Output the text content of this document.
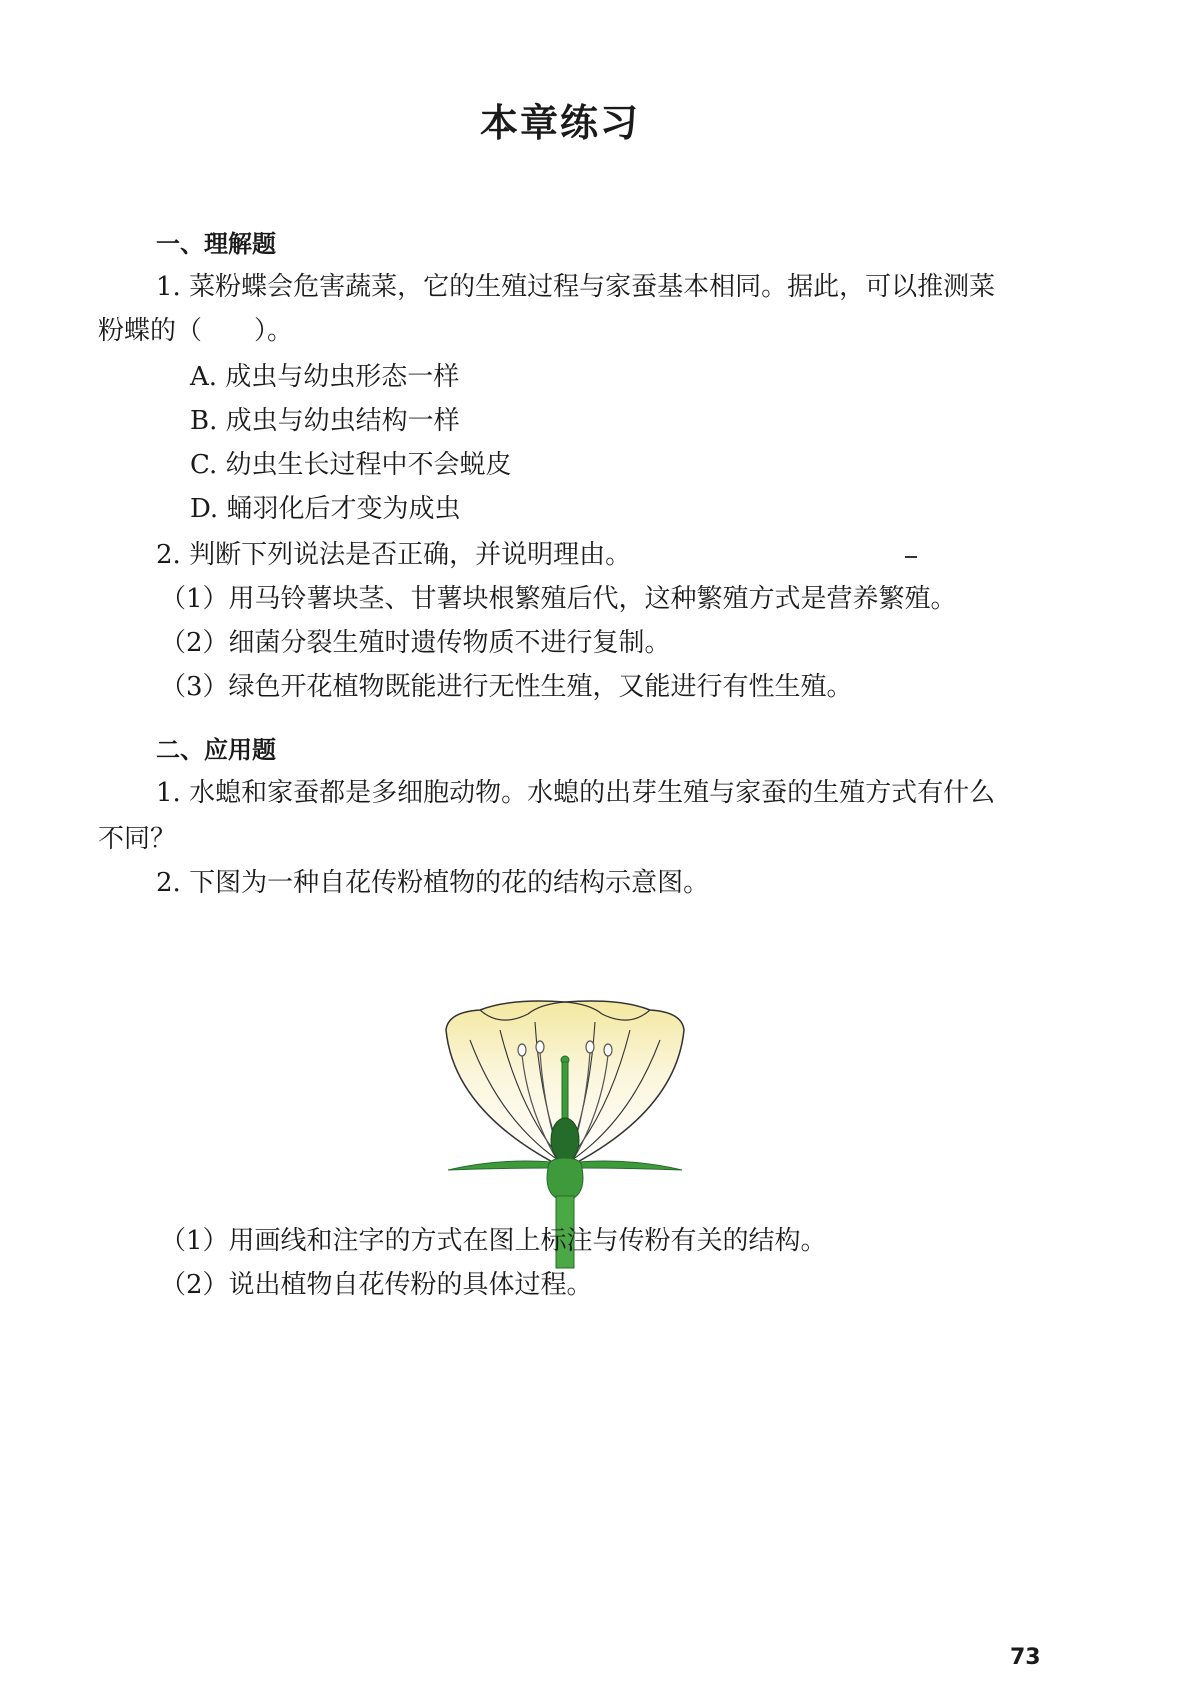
本章练习
一、理解题
1. 菜粉蝶会危害蔬菜，它的生殖过程与家蚕基本相同。据此，可以推测菜
粉蝶的（　　）。
A. 成虫与幼虫形态一样
B. 成虫与幼虫结构一样
C. 幼虫生长过程中不会蜕皮
D. 蛹羽化后才变为成虫
2. 判断下列说法是否正确，并说明理由。
（1）用马铃薯块茎、甘薯块根繁殖后代，这种繁殖方式是营养繁殖。
（2）细菌分裂生殖时遗传物质不进行复制。
（3）绿色开花植物既能进行无性生殖，又能进行有性生殖。
二、应用题
1. 水螅和家蚕都是多细胞动物。水螅的出芽生殖与家蚕的生殖方式有什么
不同？
2. 下图为一种自花传粉植物的花的结构示意图。
（1）用画线和注字的方式在图上标注与传粉有关的结构。
（2）说出植物自花传粉的具体过程。
73
